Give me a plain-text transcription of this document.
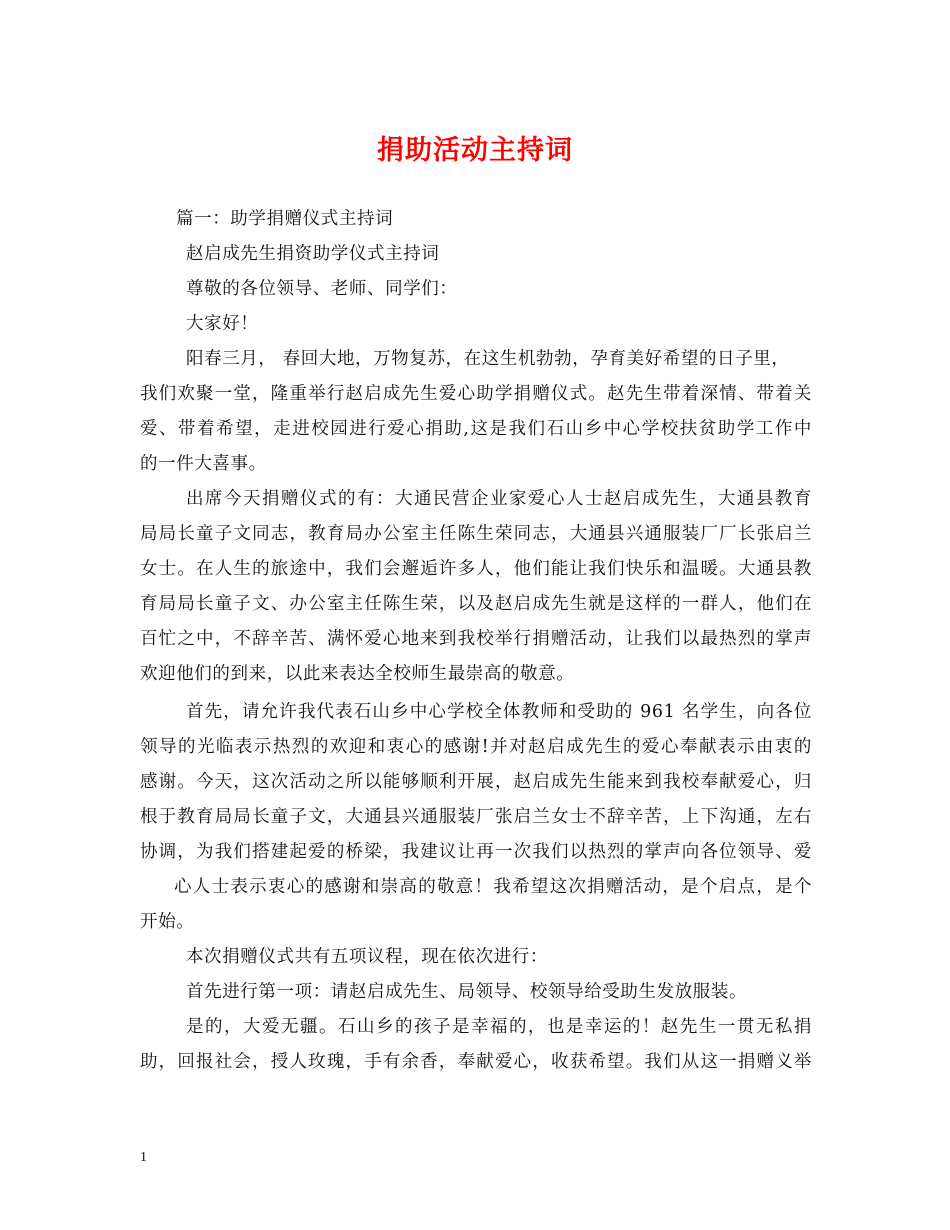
捐助活动主持词
篇一：助学捐赠仪式主持词
赵启成先生捐资助学仪式主持词
尊敬的各位领导、老师、同学们：
大家好！
阳春三月， 春回大地，万物复苏，在这生机勃勃，孕育美好希望的日子里，
我们欢聚一堂，隆重举行赵启成先生爱心助学捐赠仪式。赵先生带着深情、带着关
爱、带着希望，走进校园进行爱心捐助,这是我们石山乡中心学校扶贫助学工作中
的一件大喜事。
出席今天捐赠仪式的有：大通民营企业家爱心人士赵启成先生，大通县教育
局局长童子文同志，教育局办公室主任陈生荣同志，大通县兴通服装厂厂长张启兰
女士。在人生的旅途中，我们会邂逅许多人，他们能让我们快乐和温暖。大通县教
育局局长童子文、办公室主任陈生荣，以及赵启成先生就是这样的一群人，他们在
百忙之中，不辞辛苦、满怀爱心地来到我校举行捐赠活动，让我们以最热烈的掌声
欢迎他们的到来，以此来表达全校师生最崇高的敬意。
首先，请允许我代表石山乡中心学校全体教师和受助的 961 名学生，向各位
领导的光临表示热烈的欢迎和衷心的感谢!并对赵启成先生的爱心奉献表示由衷的
感谢。今天，这次活动之所以能够顺利开展，赵启成先生能来到我校奉献爱心，归
根于教育局局长童子文，大通县兴通服装厂张启兰女士不辞辛苦，上下沟通，左右
协调，为我们搭建起爱的桥梁，我建议让再一次我们以热烈的掌声向各位领导、爱
心人士表示衷心的感谢和崇高的敬意！我希望这次捐赠活动，是个启点，是个
开始。
本次捐赠仪式共有五项议程，现在依次进行：
首先进行第一项：请赵启成先生、局领导、校领导给受助生发放服装。
是的，大爱无疆。石山乡的孩子是幸福的，也是幸运的！赵先生一贯无私捐
助，回报社会，授人玫瑰，手有余香，奉献爱心，收获希望。我们从这一捐赠义举
1
